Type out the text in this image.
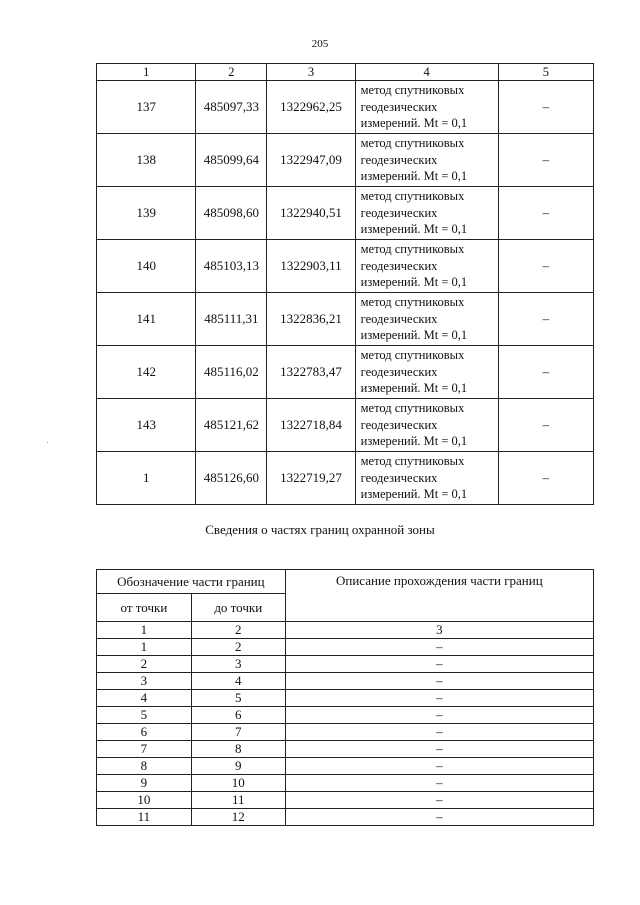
205
1	2	3	4	5
137	485097,33	1322962,25	метод спутниковых
геодезических
измерений. Mt = 0,1	–
138	485099,64	1322947,09	метод спутниковых
геодезических
измерений. Mt = 0,1	–
139	485098,60	1322940,51	метод спутниковых
геодезических
измерений. Mt = 0,1	–
140	485103,13	1322903,11	метод спутниковых
геодезических
измерений. Mt = 0,1	–
141	485111,31	1322836,21	метод спутниковых
геодезических
измерений. Mt = 0,1	–
142	485116,02	1322783,47	метод спутниковых
геодезических
измерений. Mt = 0,1	–
143	485121,62	1322718,84	метод спутниковых
геодезических
измерений. Mt = 0,1	–
1	485126,60	1322719,27	метод спутниковых
геодезических
измерений. Mt = 0,1	–
Сведения о частях границ охранной зоны
Обозначение части границ		Описание прохождения части границ
от точки	до точки	
1	2	3
1	2	–
2	3	–
3	4	–
4	5	–
5	6	–
6	7	–
7	8	–
8	9	–
9	10	–
10	11	–
11	12	–
